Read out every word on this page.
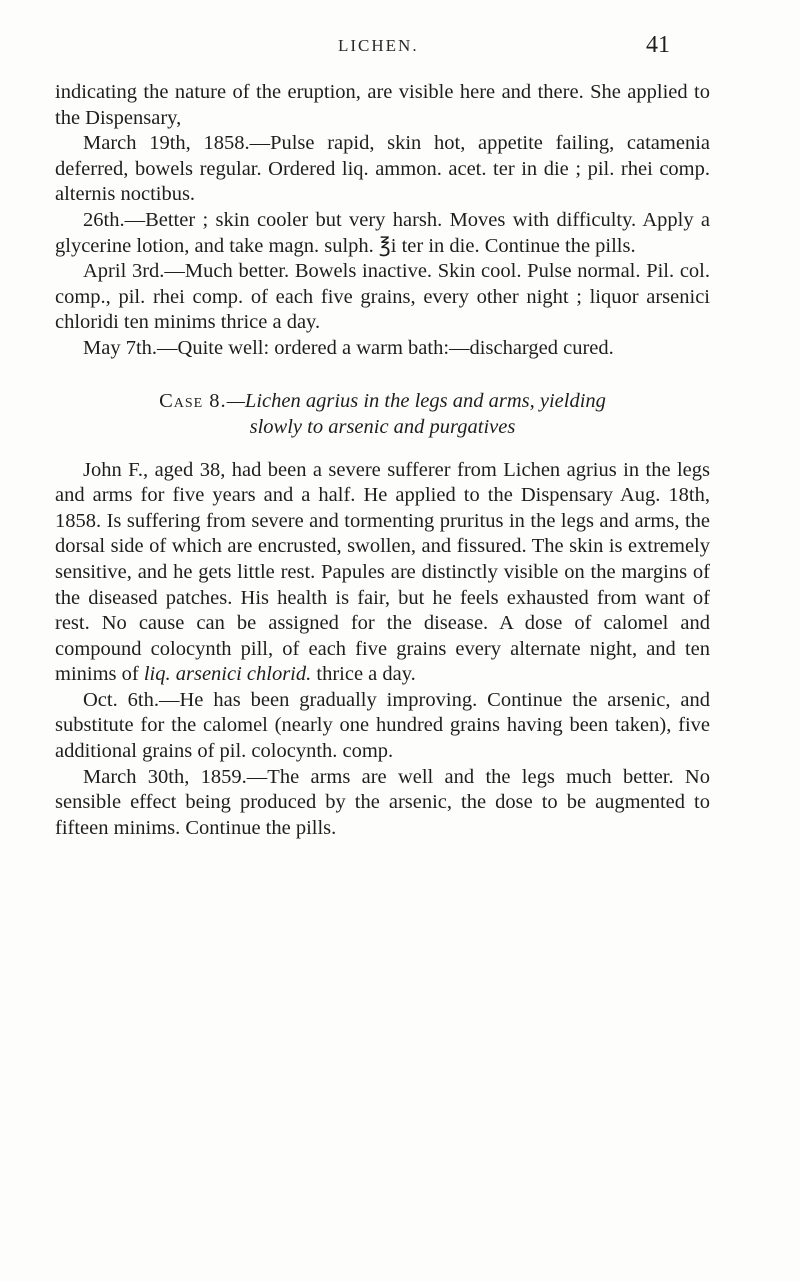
LICHEN.	41

indicating the nature of the eruption, are visible here and there. She applied to the Dispensary,

March 19th, 1858.—Pulse rapid, skin hot, appetite failing, catamenia deferred, bowels regular. Ordered liq. ammon. acet. ter in die ; pil. rhei comp. alternis noctibus.

26th.—Better ; skin cooler but very harsh. Moves with difficulty. Apply a glycerine lotion, and take magn. sulph. ℥i ter in die. Continue the pills.

April 3rd.—Much better. Bowels inactive. Skin cool. Pulse normal. Pil. col. comp., pil. rhei comp. of each five grains, every other night ; liquor arsenici chloridi ten minims thrice a day.

May 7th.—Quite well: ordered a warm bath:—discharged cured.

Case 8.—Lichen agrius in the legs and arms, yielding
slowly to arsenic and purgatives

John F., aged 38, had been a severe sufferer from Lichen agrius in the legs and arms for five years and a half. He applied to the Dispensary Aug. 18th, 1858. Is suffering from severe and tormenting pruritus in the legs and arms, the dorsal side of which are encrusted, swollen, and fissured. The skin is extremely sensitive, and he gets little rest. Papules are distinctly visible on the margins of the diseased patches. His health is fair, but he feels exhausted from want of rest. No cause can be assigned for the disease. A dose of calomel and compound colocynth pill, of each five grains every alternate night, and ten minims of liq. arsenici chlorid. thrice a day.

Oct. 6th.—He has been gradually improving. Continue the arsenic, and substitute for the calomel (nearly one hundred grains having been taken), five additional grains of pil. colocynth. comp.

March 30th, 1859.—The arms are well and the legs much better. No sensible effect being produced by the arsenic, the dose to be augmented to fifteen minims. Continue the pills.
